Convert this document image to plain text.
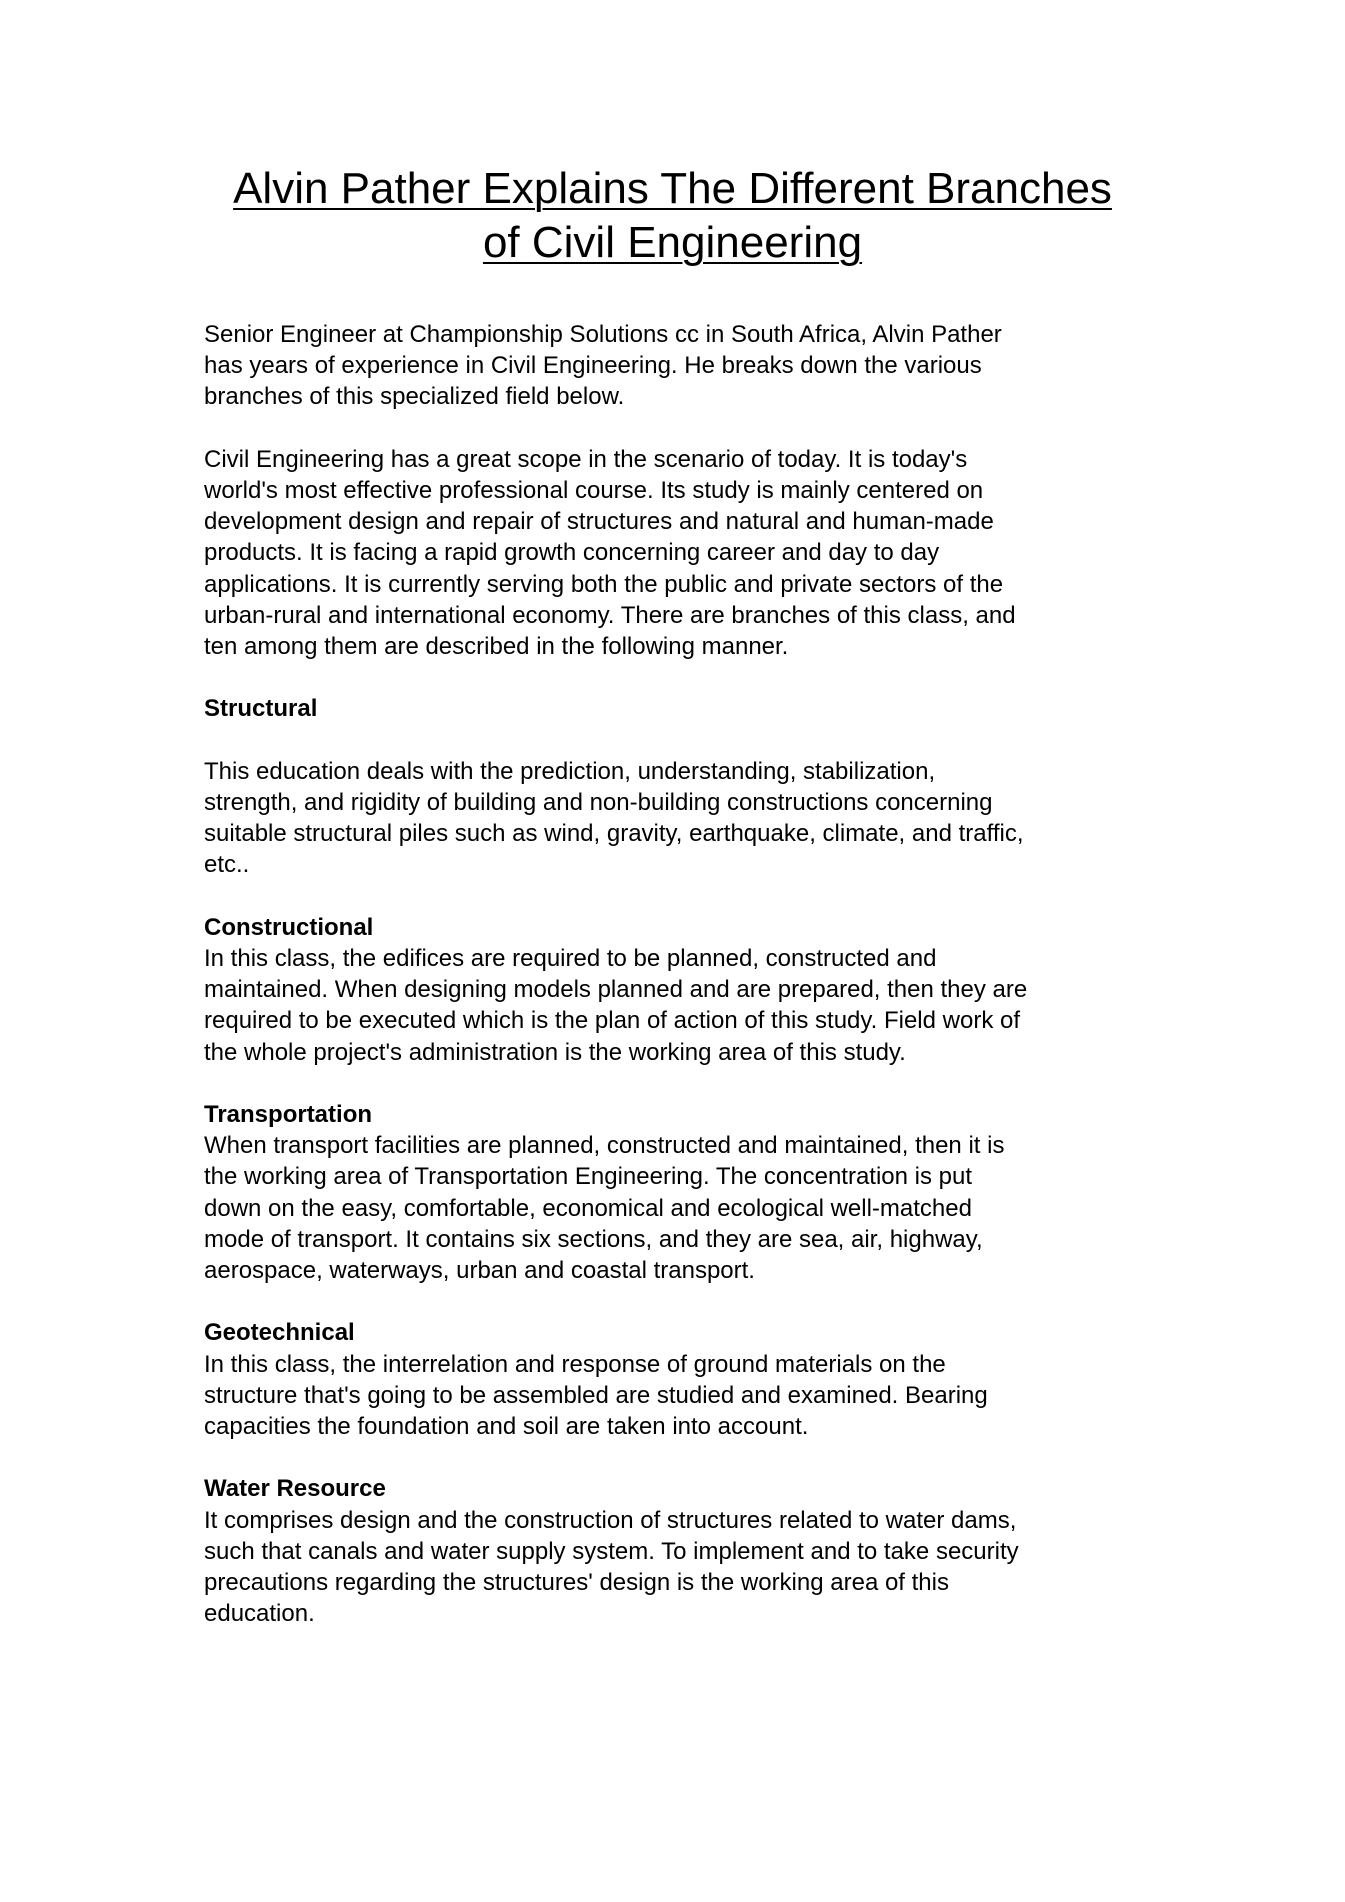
Alvin Pather Explains The Different Branches
of Civil Engineering

Senior Engineer at Championship Solutions cc in South Africa, Alvin Pather

has years of experience in Civil Engineering. He breaks down the various

branches of this specialized field below.

Civil Engineering has a great scope in the scenario of today. It is today's

world's most effective professional course. Its study is mainly centered on

development design and repair of structures and natural and human-made

products. It is facing a rapid growth concerning career and day to day

applications. It is currently serving both the public and private sectors of the

urban-rural and international economy. There are branches of this class, and

ten among them are described in the following manner.

Structural

This education deals with the prediction, understanding, stabilization,

strength, and rigidity of building and non-building constructions concerning

suitable structural piles such as wind, gravity, earthquake, climate, and traffic,

etc..

Constructional

In this class, the edifices are required to be planned, constructed and

maintained. When designing models planned and are prepared, then they are

required to be executed which is the plan of action of this study. Field work of

the whole project's administration is the working area of this study.

Transportation

When transport facilities are planned, constructed and maintained, then it is

the working area of Transportation Engineering. The concentration is put

down on the easy, comfortable, economical and ecological well-matched

mode of transport. It contains six sections, and they are sea, air, highway,

aerospace, waterways, urban and coastal transport.

Geotechnical

In this class, the interrelation and response of ground materials on the

structure that's going to be assembled are studied and examined. Bearing

capacities the foundation and soil are taken into account.

Water Resource

It comprises design and the construction of structures related to water dams,

such that canals and water supply system. To implement and to take security

precautions regarding the structures' design is the working area of this

education.
